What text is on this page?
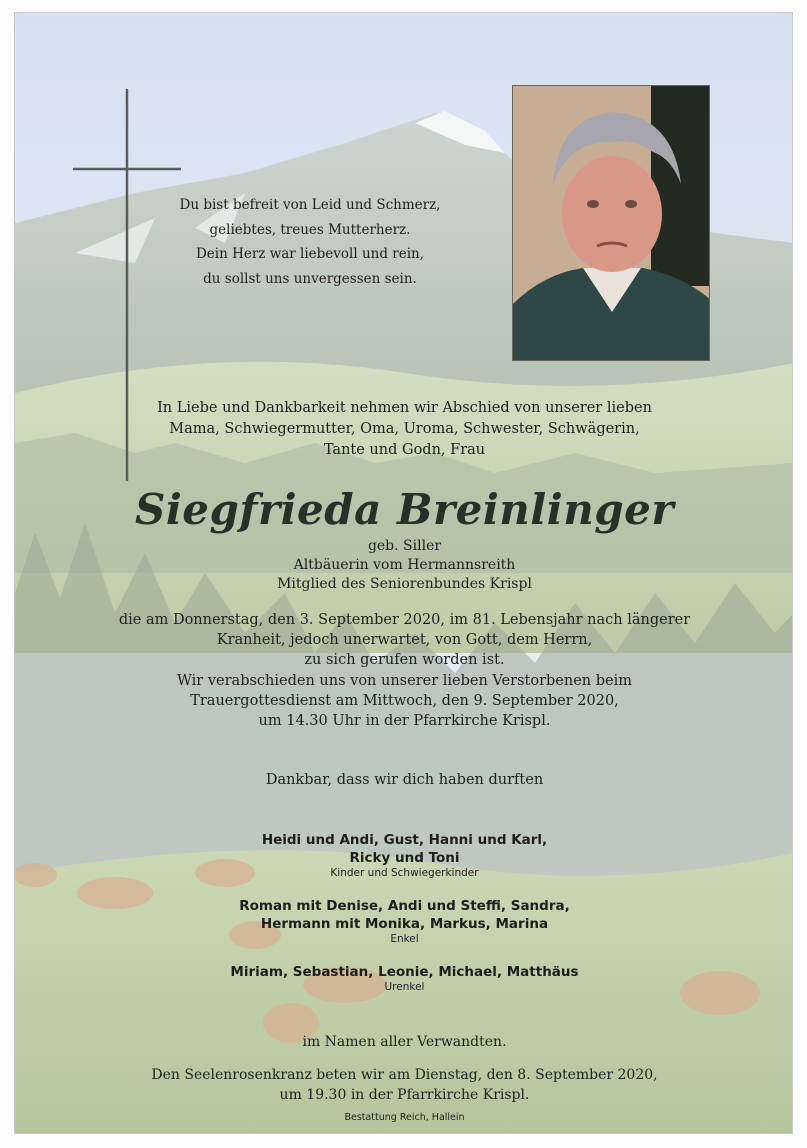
Du bist befreit von Leid und Schmerz,
geliebtes, treues Mutterherz.
Dein Herz war liebevoll und rein,
du sollst uns unvergessen sein.

In Liebe und Dankbarkeit nehmen wir Abschied von unserer lieben
Mama, Schwiegermutter, Oma, Uroma, Schwester, Schwägerin,
Tante und Godn, Frau

Siegfrieda Breinlinger

geb. Siller
Altbäuerin vom Hermannsreith
Mitglied des Seniorenbundes Krispl

die am Donnerstag, den 3. September 2020, im 81. Lebensjahr nach längerer
Kranheit, jedoch unerwartet, von Gott, dem Herrn,
zu sich gerufen worden ist.

Wir verabschieden uns von unserer lieben Verstorbenen beim
Trauergottesdienst am Mittwoch, den 9. September 2020,
um 14.30 Uhr in der Pfarrkirche Krispl.

Dankbar, dass wir dich haben durften

Heidi und Andi, Gust, Hanni und Karl,
Ricky und Toni

Kinder und Schwiegerkinder

Roman mit Denise, Andi und Steffi, Sandra,
Hermann mit Monika, Markus, Marina

Enkel

Miriam, Sebastian, Leonie, Michael, Matthäus

Urenkel

im Namen aller Verwandten.

Den Seelenrosenkranz beten wir am Dienstag, den 8. September 2020,
um 19.30 in der Pfarrkirche Krispl.

Bestattung Reich, Hallein
